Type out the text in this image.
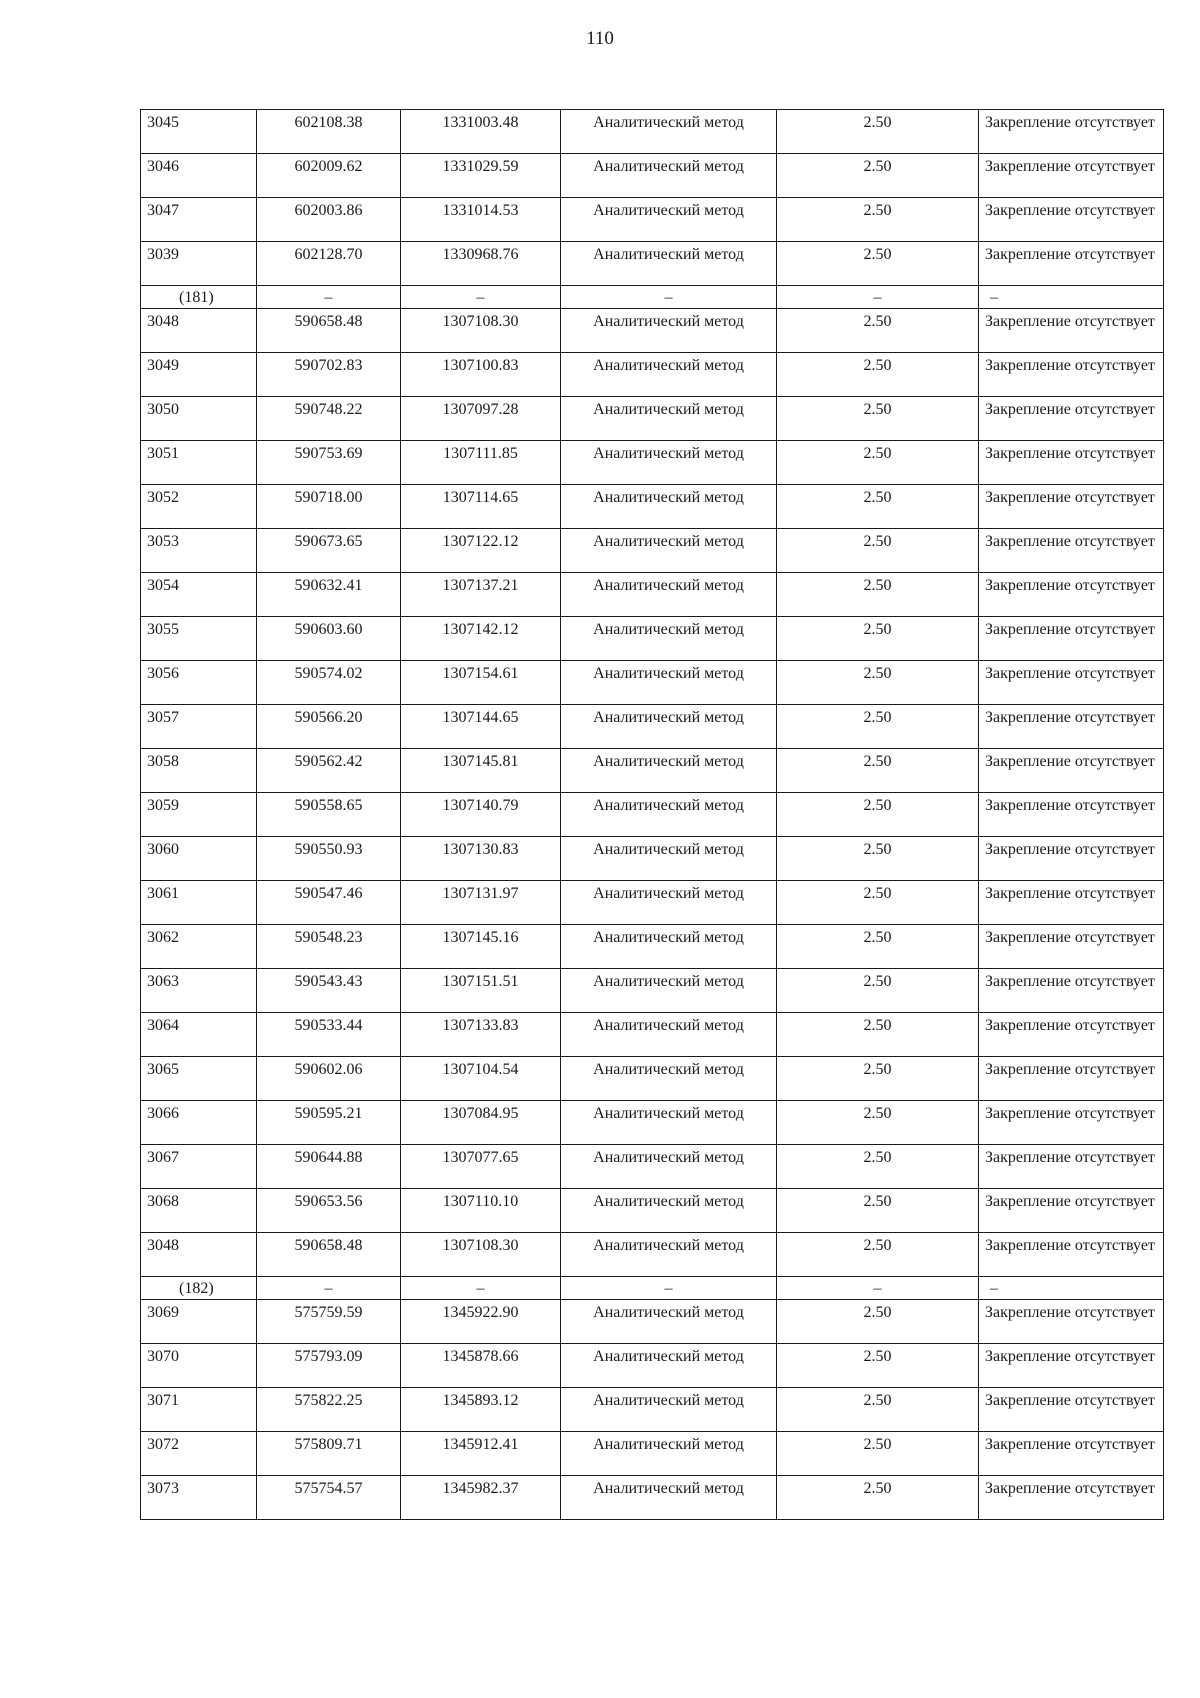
110
3045	602108.38	1331003.48	Аналитический метод	2.50	Закрепление отсутствует
3046	602009.62	1331029.59	Аналитический метод	2.50	Закрепление отсутствует
3047	602003.86	1331014.53	Аналитический метод	2.50	Закрепление отсутствует
3039	602128.70	1330968.76	Аналитический метод	2.50	Закрепление отсутствует
(181)	–	–	–	–	–
3048	590658.48	1307108.30	Аналитический метод	2.50	Закрепление отсутствует
3049	590702.83	1307100.83	Аналитический метод	2.50	Закрепление отсутствует
3050	590748.22	1307097.28	Аналитический метод	2.50	Закрепление отсутствует
3051	590753.69	1307111.85	Аналитический метод	2.50	Закрепление отсутствует
3052	590718.00	1307114.65	Аналитический метод	2.50	Закрепление отсутствует
3053	590673.65	1307122.12	Аналитический метод	2.50	Закрепление отсутствует
3054	590632.41	1307137.21	Аналитический метод	2.50	Закрепление отсутствует
3055	590603.60	1307142.12	Аналитический метод	2.50	Закрепление отсутствует
3056	590574.02	1307154.61	Аналитический метод	2.50	Закрепление отсутствует
3057	590566.20	1307144.65	Аналитический метод	2.50	Закрепление отсутствует
3058	590562.42	1307145.81	Аналитический метод	2.50	Закрепление отсутствует
3059	590558.65	1307140.79	Аналитический метод	2.50	Закрепление отсутствует
3060	590550.93	1307130.83	Аналитический метод	2.50	Закрепление отсутствует
3061	590547.46	1307131.97	Аналитический метод	2.50	Закрепление отсутствует
3062	590548.23	1307145.16	Аналитический метод	2.50	Закрепление отсутствует
3063	590543.43	1307151.51	Аналитический метод	2.50	Закрепление отсутствует
3064	590533.44	1307133.83	Аналитический метод	2.50	Закрепление отсутствует
3065	590602.06	1307104.54	Аналитический метод	2.50	Закрепление отсутствует
3066	590595.21	1307084.95	Аналитический метод	2.50	Закрепление отсутствует
3067	590644.88	1307077.65	Аналитический метод	2.50	Закрепление отсутствует
3068	590653.56	1307110.10	Аналитический метод	2.50	Закрепление отсутствует
3048	590658.48	1307108.30	Аналитический метод	2.50	Закрепление отсутствует
(182)	–	–	–	–	–
3069	575759.59	1345922.90	Аналитический метод	2.50	Закрепление отсутствует
3070	575793.09	1345878.66	Аналитический метод	2.50	Закрепление отсутствует
3071	575822.25	1345893.12	Аналитический метод	2.50	Закрепление отсутствует
3072	575809.71	1345912.41	Аналитический метод	2.50	Закрепление отсутствует
3073	575754.57	1345982.37	Аналитический метод	2.50	Закрепление отсутствует
